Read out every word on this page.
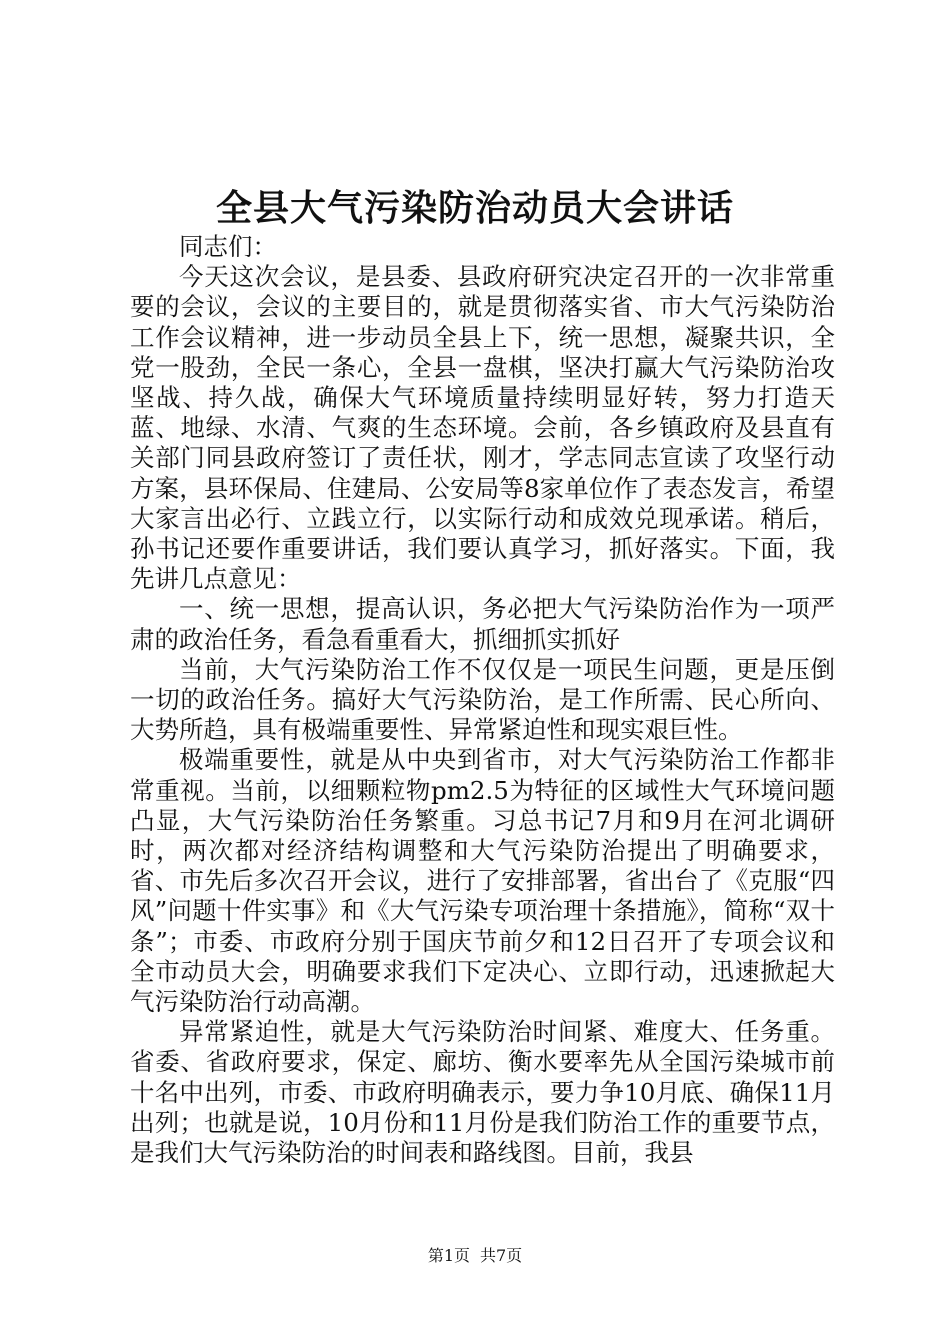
全县大气污染防治动员大会讲话

同志们：

今天这次会议，是县委、县政府研究决定召开的一次非常重要的会议，会议的主要目的，就是贯彻落实省、市大气污染防治工作会议精神，进一步动员全县上下，统一思想，凝聚共识，全党一股劲，全民一条心，全县一盘棋，坚决打赢大气污染防治攻坚战、持久战，确保大气环境质量持续明显好转，努力打造天蓝、地绿、水清、气爽的生态环境。会前，各乡镇政府及县直有关部门同县政府签订了责任状，刚才，学志同志宣读了攻坚行动方案，县环保局、住建局、公安局等8家单位作了表态发言，希望大家言出必行、立践立行，以实际行动和成效兑现承诺。稍后，孙书记还要作重要讲话，我们要认真学习，抓好落实。下面，我先讲几点意见：

一、统一思想，提高认识，务必把大气污染防治作为一项严肃的政治任务，看急看重看大，抓细抓实抓好

当前，大气污染防治工作不仅仅是一项民生问题，更是压倒一切的政治任务。搞好大气污染防治，是工作所需、民心所向、大势所趋，具有极端重要性、异常紧迫性和现实艰巨性。

极端重要性，就是从中央到省市，对大气污染防治工作都非常重视。当前，以细颗粒物pm2.5为特征的区域性大气环境问题凸显，大气污染防治任务繁重。习总书记7月和9月在河北调研时，两次都对经济结构调整和大气污染防治提出了明确要求，省、市先后多次召开会议，进行了安排部署，省出台了《克服“四风”问题十件实事》和《大气污染专项治理十条措施》，简称“双十条”；市委、市政府分别于国庆节前夕和12日召开了专项会议和全市动员大会，明确要求我们下定决心、立即行动，迅速掀起大气污染防治行动高潮。

异常紧迫性，就是大气污染防治时间紧、难度大、任务重。省委、省政府要求，保定、廊坊、衡水要率先从全国污染城市前十名中出列，市委、市政府明确表示，要力争10月底、确保11月出列；也就是说，10月份和11月份是我们防治工作的重要节点，是我们大气污染防治的时间表和路线图。目前，我县

第1页 共7页
